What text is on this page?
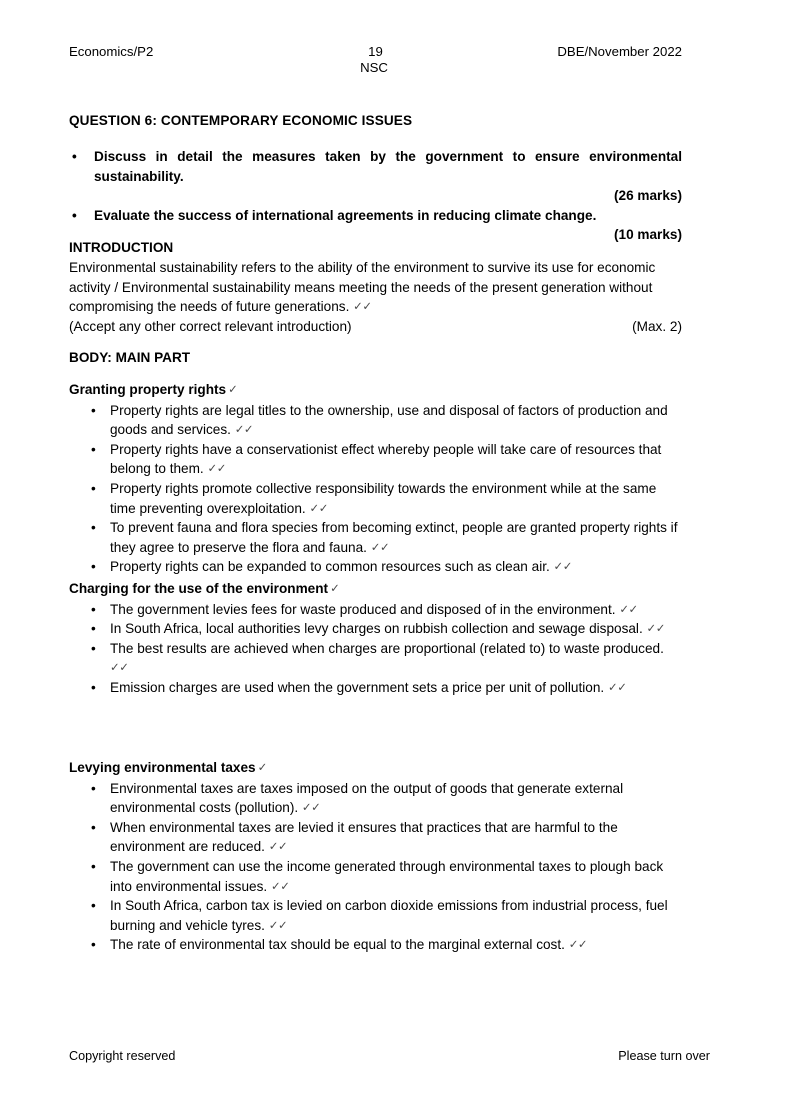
Economics/P2	19
NSC
DBE/November 2022
QUESTION 6: CONTEMPORARY ECONOMIC ISSUES
• Discuss in detail the measures taken by the government to ensure environmental sustainability.
(26 marks)
• Evaluate the success of international agreements in reducing climate change.
(10 marks)
INTRODUCTION
Environmental sustainability refers to the ability of the environment to survive its use for economic activity / Environmental sustainability means meeting the needs of the present generation without compromising the needs of future generations. ✓✓
(Accept any other correct relevant introduction)	(Max. 2)
BODY: MAIN PART
Granting property rights ✓
• Property rights are legal titles to the ownership, use and disposal of factors of production and goods and services. ✓✓
• Property rights have a conservationist effect whereby people will take care of resources that belong to them. ✓✓
• Property rights promote collective responsibility towards the environment while at the same time preventing overexploitation. ✓✓
• To prevent fauna and flora species from becoming extinct, people are granted property rights if they agree to preserve the flora and fauna. ✓✓
• Property rights can be expanded to common resources such as clean air. ✓✓
Charging for the use of the environment ✓
• The government levies fees for waste produced and disposed of in the environment. ✓✓
• In South Africa, local authorities levy charges on rubbish collection and sewage disposal. ✓✓
• The best results are achieved when charges are proportional (related to) to waste produced. ✓✓
• Emission charges are used when the government sets a price per unit of pollution. ✓✓
Levying environmental taxes ✓
• Environmental taxes are taxes imposed on the output of goods that generate external environmental costs (pollution). ✓✓
• When environmental taxes are levied it ensures that practices that are harmful to the environment are reduced. ✓✓
• The government can use the income generated through environmental taxes to plough back into environmental issues. ✓✓
• In South Africa, carbon tax is levied on carbon dioxide emissions from industrial process, fuel burning and vehicle tyres. ✓✓
• The rate of environmental tax should be equal to the marginal external cost. ✓✓
Copyright reserved	Please turn over
